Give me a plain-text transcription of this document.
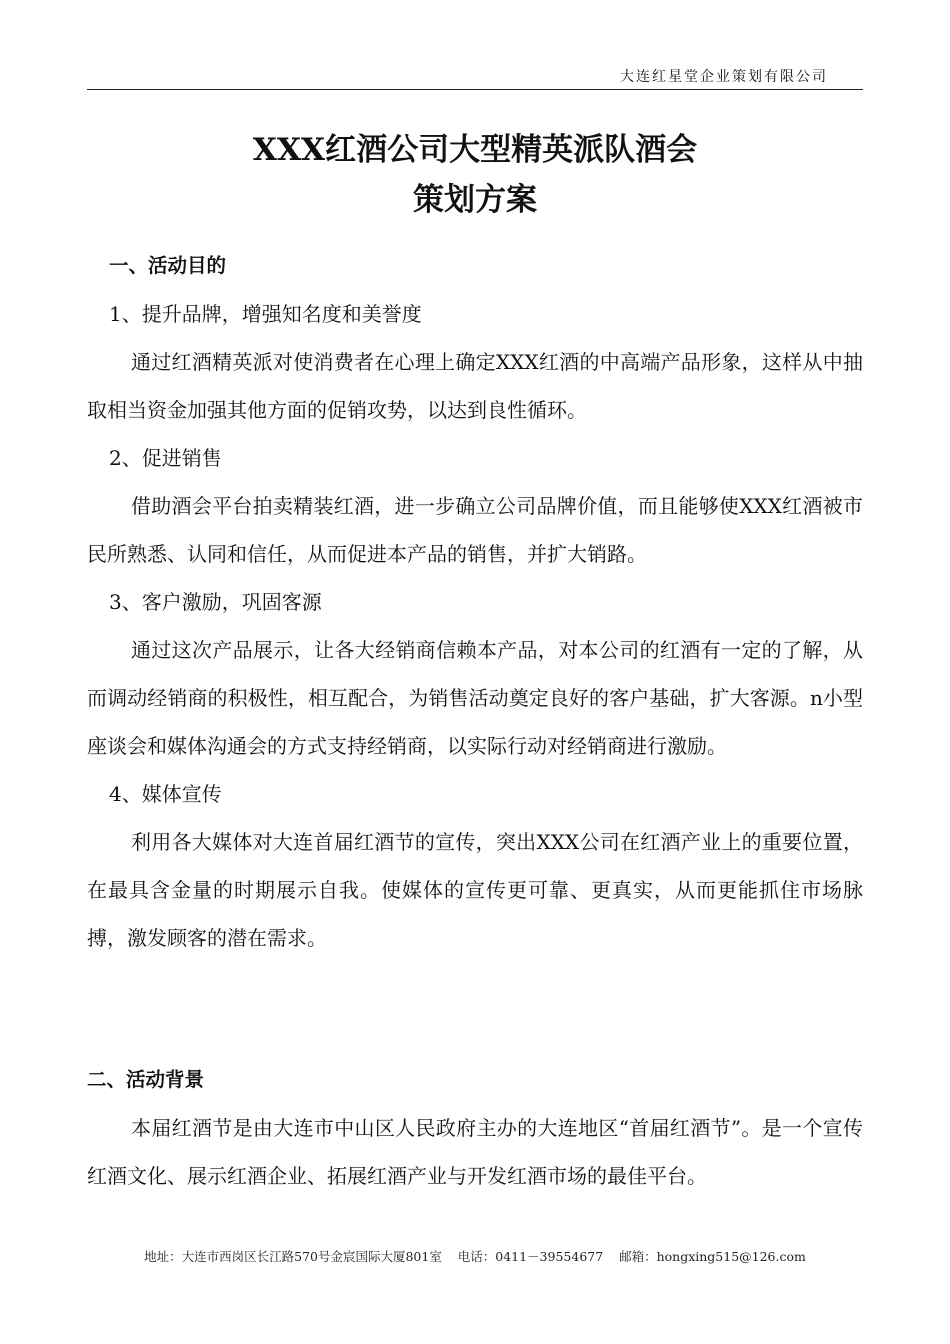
大连红星堂企业策划有限公司
XXX红酒公司大型精英派队酒会
策划方案
一、活动目的
1、提升品牌，增强知名度和美誉度
通过红酒精英派对使消费者在心理上确定XXX红酒的中高端产品形象，这样从中抽取相当资金加强其他方面的促销攻势，以达到良性循环。
2、促进销售
借助酒会平台拍卖精装红酒，进一步确立公司品牌价值，而且能够使XXX红酒被市民所熟悉、认同和信任，从而促进本产品的销售，并扩大销路。
3、客户激励，巩固客源
通过这次产品展示，让各大经销商信赖本产品，对本公司的红酒有一定的了解，从而调动经销商的积极性，相互配合，为销售活动奠定良好的客户基础，扩大客源。n小型座谈会和媒体沟通会的方式支持经销商，以实际行动对经销商进行激励。
4、媒体宣传
利用各大媒体对大连首届红酒节的宣传，突出XXX公司在红酒产业上的重要位置，在最具含金量的时期展示自我。使媒体的宣传更可靠、更真实，从而更能抓住市场脉搏，激发顾客的潜在需求。
二、活动背景
本届红酒节是由大连市中山区人民政府主办的大连地区“首届红酒节”。是一个宣传红酒文化、展示红酒企业、拓展红酒产业与开发红酒市场的最佳平台。
地址：大连市西岗区长江路570号金宸国际大厦801室    电话：0411－39554677    邮箱：hongxing515@126.com
